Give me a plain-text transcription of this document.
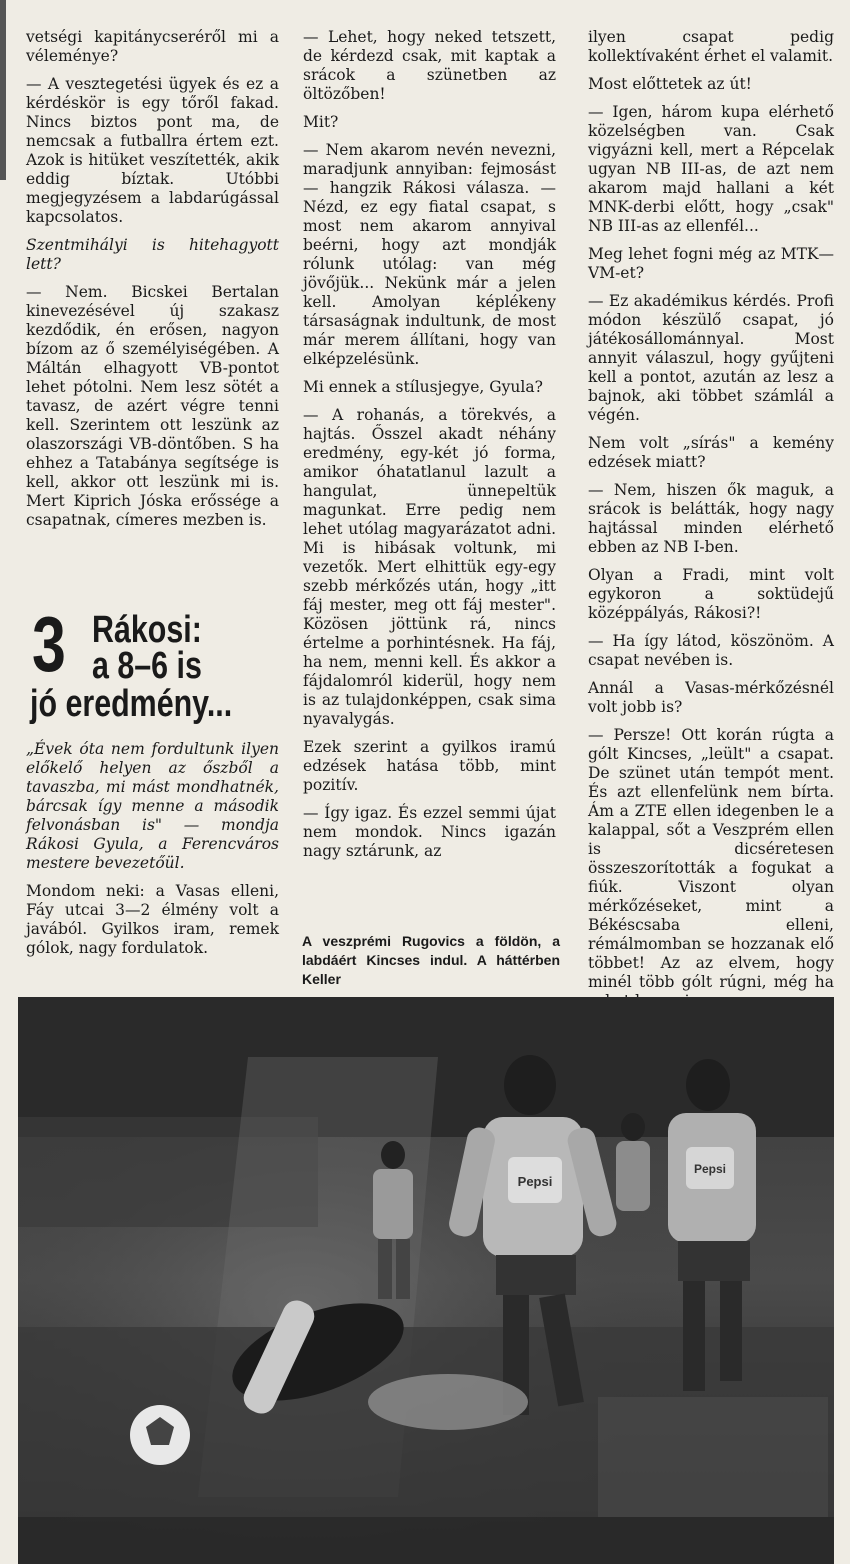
vetségi kapitánycseréről mi a véleménye?

— A vesztegetési ügyek és ez a kérdéskör is egy tőről fakad. Nincs biztos pont ma, de nemcsak a futballra értem ezt. Azok is hitüket veszítették, akik eddig bíztak. Utóbbi megjegyzésem a labdarúgással kapcsolatos.

Szentmihályi is hitehagyott lett?

— Nem. Bicskei Bertalan kinevezésével új szakasz kezdődik, én erősen, nagyon bízom az ő személyiségében. A Máltán elhagyott VB-pontot lehet pótolni. Nem lesz sötét a tavasz, de azért végre tenni kell. Szerintem ott leszünk az olaszországi VB-döntőben. S ha ehhez a Tatabánya segítsége is kell, akkor ott leszünk mi is. Mert Kiprich Jóska erőssége a csapatnak, címeres mezben is.

3 Rákosi:
a 8–6 is
jó eredmény...

„Évek óta nem fordultunk ilyen előkelő helyen az őszből a tavaszba, mi mást mondhatnék, bárcsak így menne a második felvonásban is" — mondja Rákosi Gyula, a Ferencváros mestere bevezetőül.

Mondom neki: a Vasas elleni, Fáy utcai 3—2 élmény volt a javából. Gyilkos iram, remek gólok, nagy fordulatok.

— Lehet, hogy neked tetszett, de kérdezd csak, mit kaptak a srácok a szünetben az öltözőben!

Mit?

— Nem akarom nevén nevezni, maradjunk annyiban: fejmosást — hangzik Rákosi válasza. — Nézd, ez egy fiatal csapat, s most nem akarom annyival beérni, hogy azt mondják rólunk utólag: van még jövőjük... Nekünk már a jelen kell. Amolyan képlékeny társaságnak indultunk, de most már merem állítani, hogy van elképzelésünk.

Mi ennek a stílusjegye, Gyula?

— A rohanás, a törekvés, a hajtás. Ősszel akadt néhány eredmény, egy-két jó forma, amikor óhatatlanul lazult a hangulat, ünnepeltük magunkat. Erre pedig nem lehet utólag magyarázatot adni. Mi is hibásak voltunk, mi vezetők. Mert elhittük egy-egy szebb mérkőzés után, hogy „itt fáj mester, meg ott fáj mester". Közösen jöttünk rá, nincs értelme a porhintésnek. Ha fáj, ha nem, menni kell. És akkor a fájdalomról kiderül, hogy nem is az tulajdonképpen, csak sima nyavalygás.

Ezek szerint a gyilkos iramú edzések hatása több, mint pozitív.

— Így igaz. És ezzel semmi újat nem mondok. Nincs igazán nagy sztárunk, az

A veszprémi Rugovics a földön, a labdáért Kincses indul. A háttérben Keller

ilyen csapat pedig kollektívaként érhet el valamit.

Most előttetek az út!

— Igen, három kupa elérhető közelségben van. Csak vigyázni kell, mert a Répcelak ugyan NB III-as, de azt nem akarom majd hallani a két MNK-derbi előtt, hogy „csak" NB III-as az ellenfél...

Meg lehet fogni még az MTK—VM-et?

— Ez akadémikus kérdés. Profi módon készülő csapat, jó játékosállománnyal. Most annyit válaszul, hogy gyűjteni kell a pontot, azután az lesz a bajnok, aki többet számlál a végén.

Nem volt „sírás" a kemény edzések miatt?

— Nem, hiszen ők maguk, a srácok is belátták, hogy nagy hajtással minden elérhető ebben az NB I-ben.

Olyan a Fradi, mint volt egykoron a soktüdejű középpályás, Rákosi?!

— Ha így látod, köszönöm. A csapat nevében is.

Annál a Vasas-mérkőzésnél volt jobb is?

— Persze! Ott korán rúgta a gólt Kincses, „leült" a csapat. De szünet után tempót ment. És azt ellenfelünk nem bírta. Ám a ZTE ellen idegenben le a kalappal, sőt a Veszprém ellen is dicséretesen összeszorították a fogukat a fiúk. Viszont olyan mérkőzéseket, mint a Békéscsaba elleni, rémálmomban se hozzanak elő többet! Az az elvem, hogy minél több gólt rúgni, még ha

Pepsi
Pepsi
